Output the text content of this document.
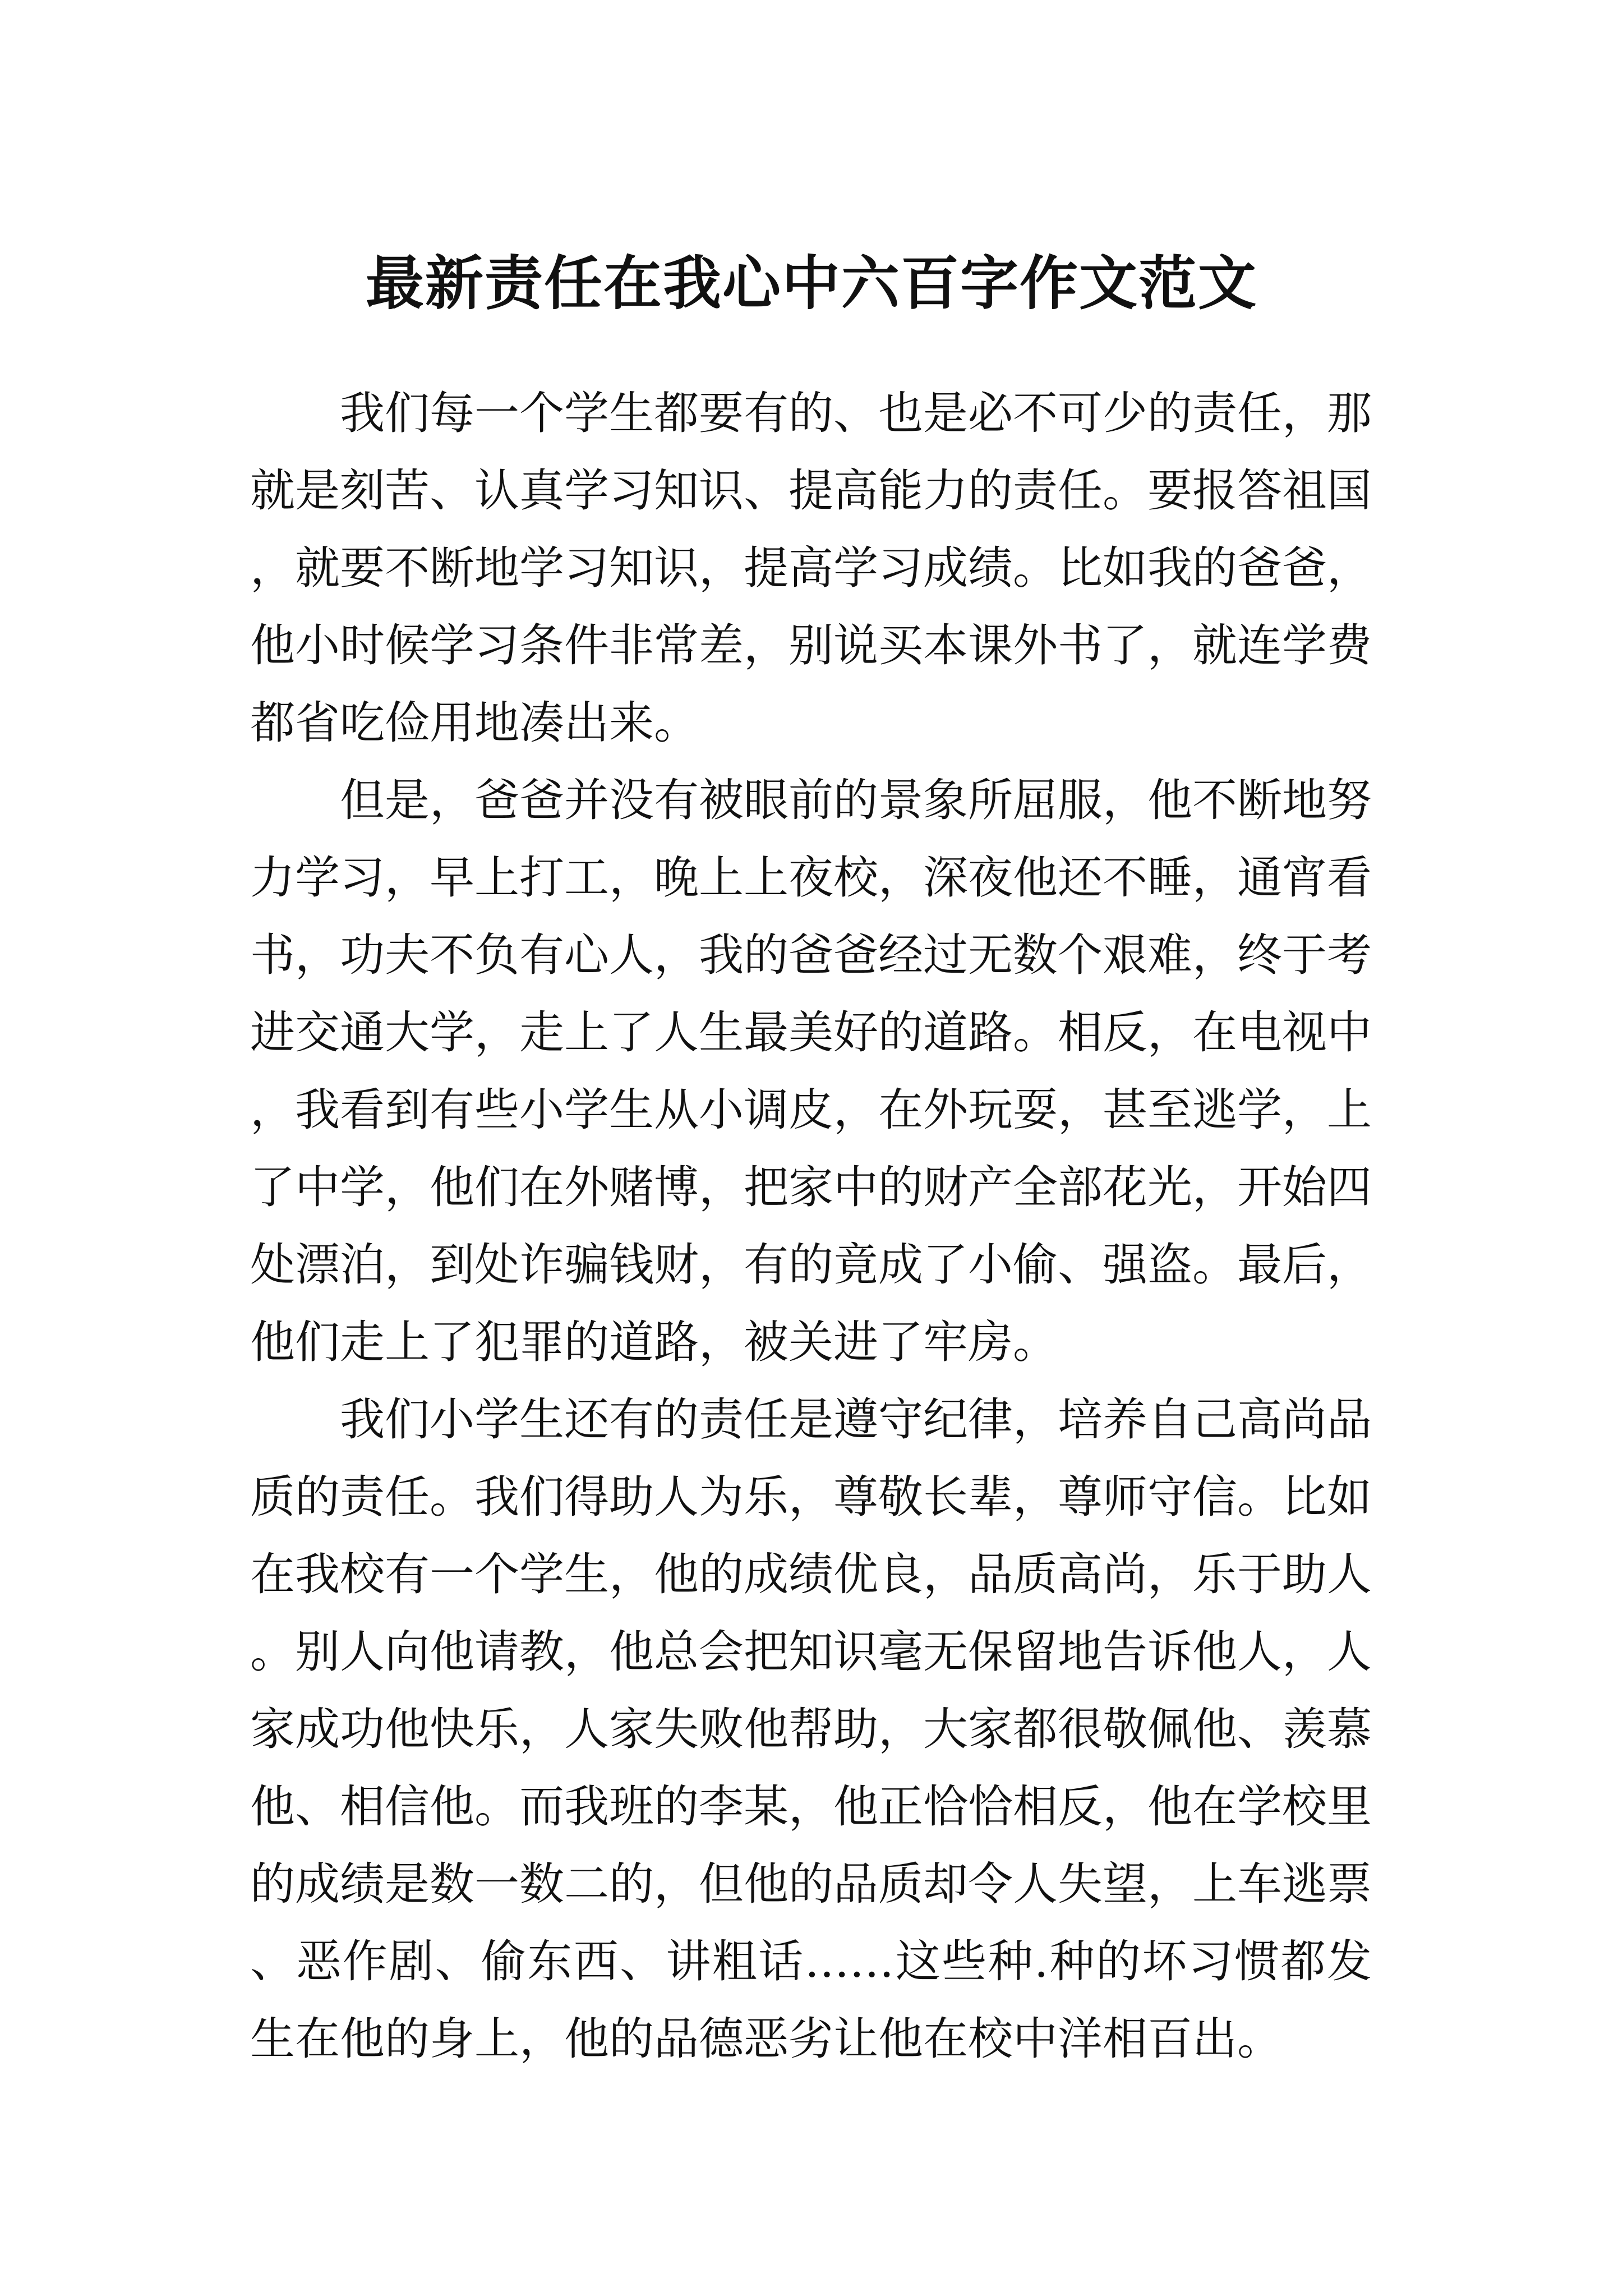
最新责任在我心中六百字作文范文

我们每一个学生都要有的、也是必不可少的责任，那就是刻苦、认真学习知识、提高能力的责任。要报答祖国，就要不断地学习知识，提高学习成绩。比如我的爸爸，他小时候学习条件非常差，别说买本课外书了，就连学费都省吃俭用地凑出来。

但是，爸爸并没有被眼前的景象所屈服，他不断地努力学习，早上打工，晚上上夜校，深夜他还不睡，通宵看书，功夫不负有心人，我的爸爸经过无数个艰难，终于考进交通大学，走上了人生最美好的道路。相反，在电视中，我看到有些小学生从小调皮，在外玩耍，甚至逃学，上了中学，他们在外赌博，把家中的财产全部花光，开始四处漂泊，到处诈骗钱财，有的竟成了小偷、强盗。最后，他们走上了犯罪的道路，被关进了牢房。

我们小学生还有的责任是遵守纪律，培养自己高尚品质的责任。我们得助人为乐，尊敬长辈，尊师守信。比如在我校有一个学生，他的成绩优良，品质高尚，乐于助人。别人向他请教，他总会把知识毫无保留地告诉他人，人家成功他快乐，人家失败他帮助，大家都很敬佩他、羡慕他、相信他。而我班的李某，他正恰恰相反，他在学校里的成绩是数一数二的，但他的品质却令人失望，上车逃票、恶作剧、偷东西、讲粗话……这些种.种的坏习惯都发生在他的身上，他的品德恶劣让他在校中洋相百出。
